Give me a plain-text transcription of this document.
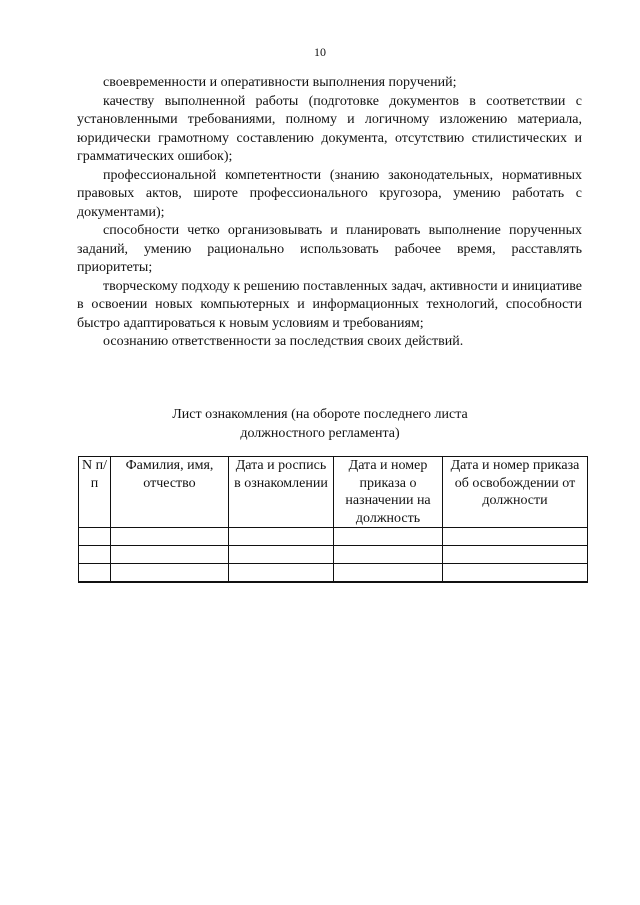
10

своевременности и оперативности выполнения поручений;

качеству выполненной работы (подготовке документов в соответствии с установленными требованиями, полному и логичному изложению материала, юридически грамотному составлению документа, отсутствию стилистических и грамматических ошибок);

профессиональной компетентности (знанию законодательных, нормативных правовых актов, широте профессионального кругозора, умению работать с документами);

способности четко организовывать и планировать выполнение порученных заданий, умению рационально использовать рабочее время, расставлять приоритеты;

творческому подходу к решению поставленных задач, активности и инициативе в освоении новых компьютерных и информационных технологий, способности быстро адаптироваться к новым условиям и требованиям;

осознанию ответственности за последствия своих действий.

Лист ознакомления (на обороте последнего листа
должностного регламента)
N п/п	Фамилия, имя, отчество	Дата и роспись в ознакомлении	Дата и номер приказа о назначении на должность	Дата и номер приказа об освобождении от должности
